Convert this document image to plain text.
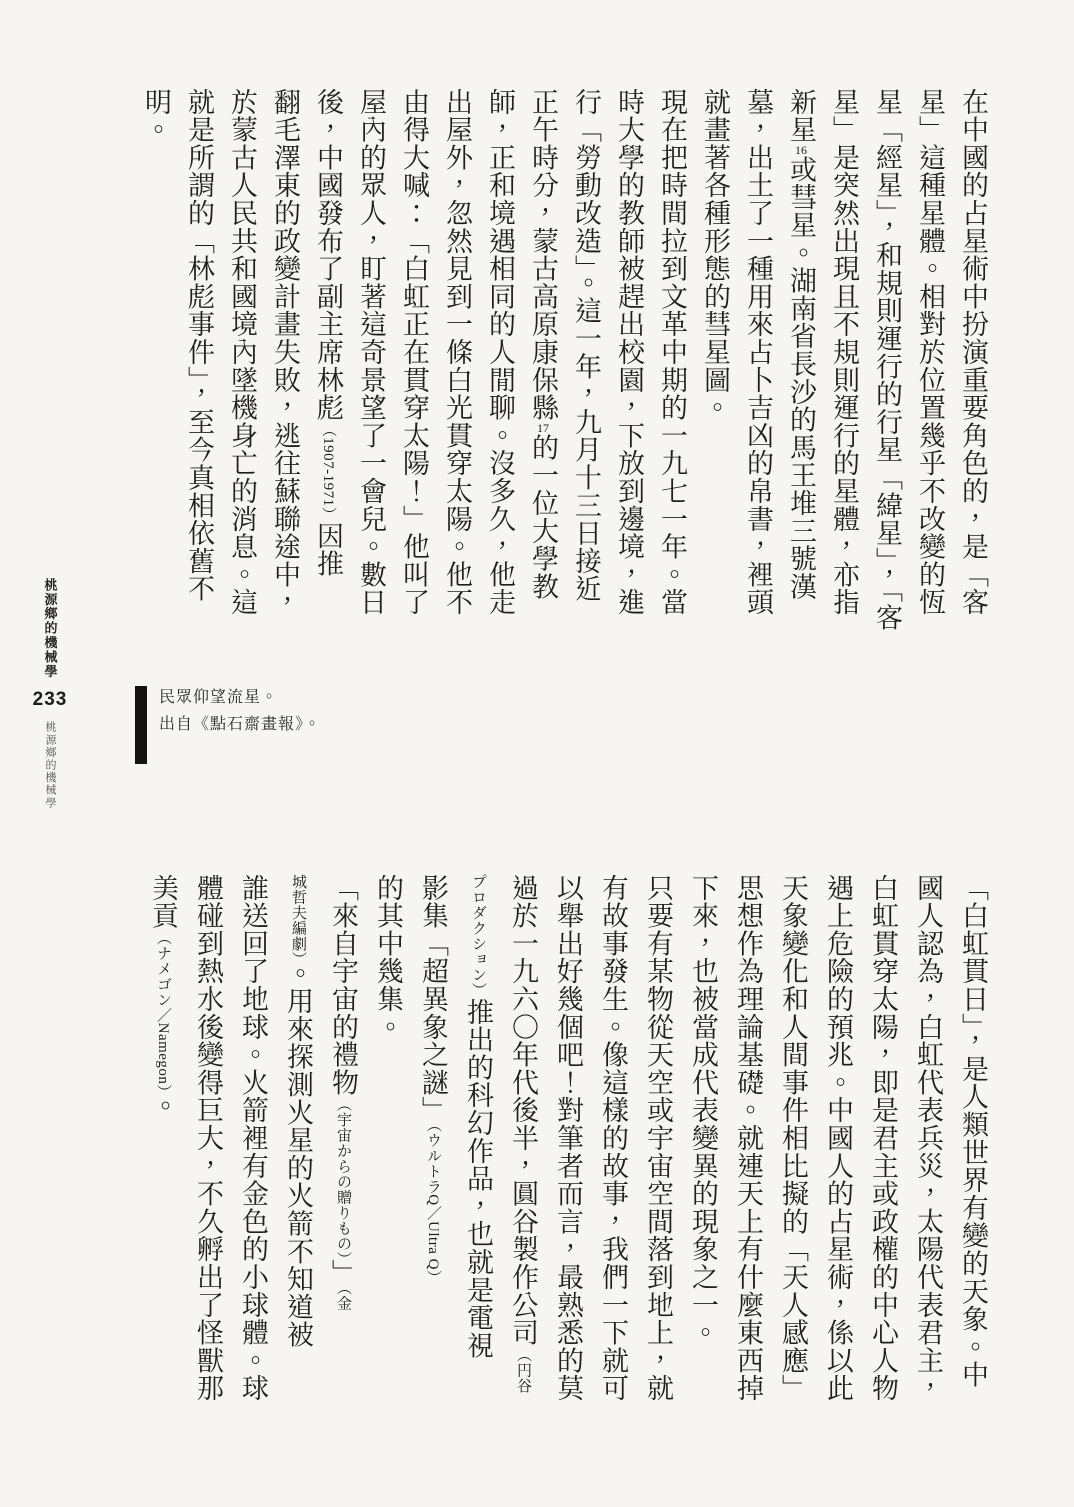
在中國的占星術中扮演重要角色的，是「客
星」這種星體。相對於位置幾乎不改變的恆
星「經星」，和規則運行的行星「緯星」，「客
星」是突然出現且不規則運行的星體，亦指
新星16或彗星。湖南省長沙的馬王堆三號漢
墓，出土了一種用來占卜吉凶的帛書，裡頭
就畫著各種形態的彗星圖。
現在把時間拉到文革中期的一九七一年。當
時大學的教師被趕出校園，下放到邊境，進
行「勞動改造」。這一年，九月十三日接近
正午時分，蒙古高原康保縣17的一位大學教
師，正和境遇相同的人閒聊。沒多久，他走
出屋外，忽然見到一條白光貫穿太陽。他不
由得大喊：「白虹正在貫穿太陽！」他叫了
屋內的眾人，盯著這奇景望了一會兒。數日
後，中國發布了副主席林彪（1907-1971）因推
翻毛澤東的政變計畫失敗，逃往蘇聯途中，
於蒙古人民共和國境內墜機身亡的消息。這
就是所謂的「林彪事件」，至今真相依舊不
明。

民眾仰望流星。

出自《點石齋畫報》。

桃源鄉的機械學
233
桃源鄉的機械學
「白虹貫日」，是人類世界有變的天象。中
國人認為，白虹代表兵災，太陽代表君主，
白虹貫穿太陽，即是君主或政權的中心人物
遇上危險的預兆。中國人的占星術，係以此
天象變化和人間事件相比擬的「天人感應」
思想作為理論基礎。就連天上有什麼東西掉
下來，也被當成代表變異的現象之一。
只要有某物從天空或宇宙空間落到地上，就
有故事發生。像這樣的故事，我們一下就可
以舉出好幾個吧！對筆者而言，最熟悉的莫
過於一九六〇年代後半，圓谷製作公司（円谷
プロダクション）推出的科幻作品，也就是電視
影集「超異象之謎」（ウルトラQ／Ultra Q）
的其中幾集。
「來自宇宙的禮物（宇宙からの贈りもの）」（金
城哲夫編劇）。用來探測火星的火箭不知道被
誰送回了地球。火箭裡有金色的小球體。球
體碰到熱水後變得巨大，不久孵出了怪獸那
美貢（ナメゴン／Namegon）。
